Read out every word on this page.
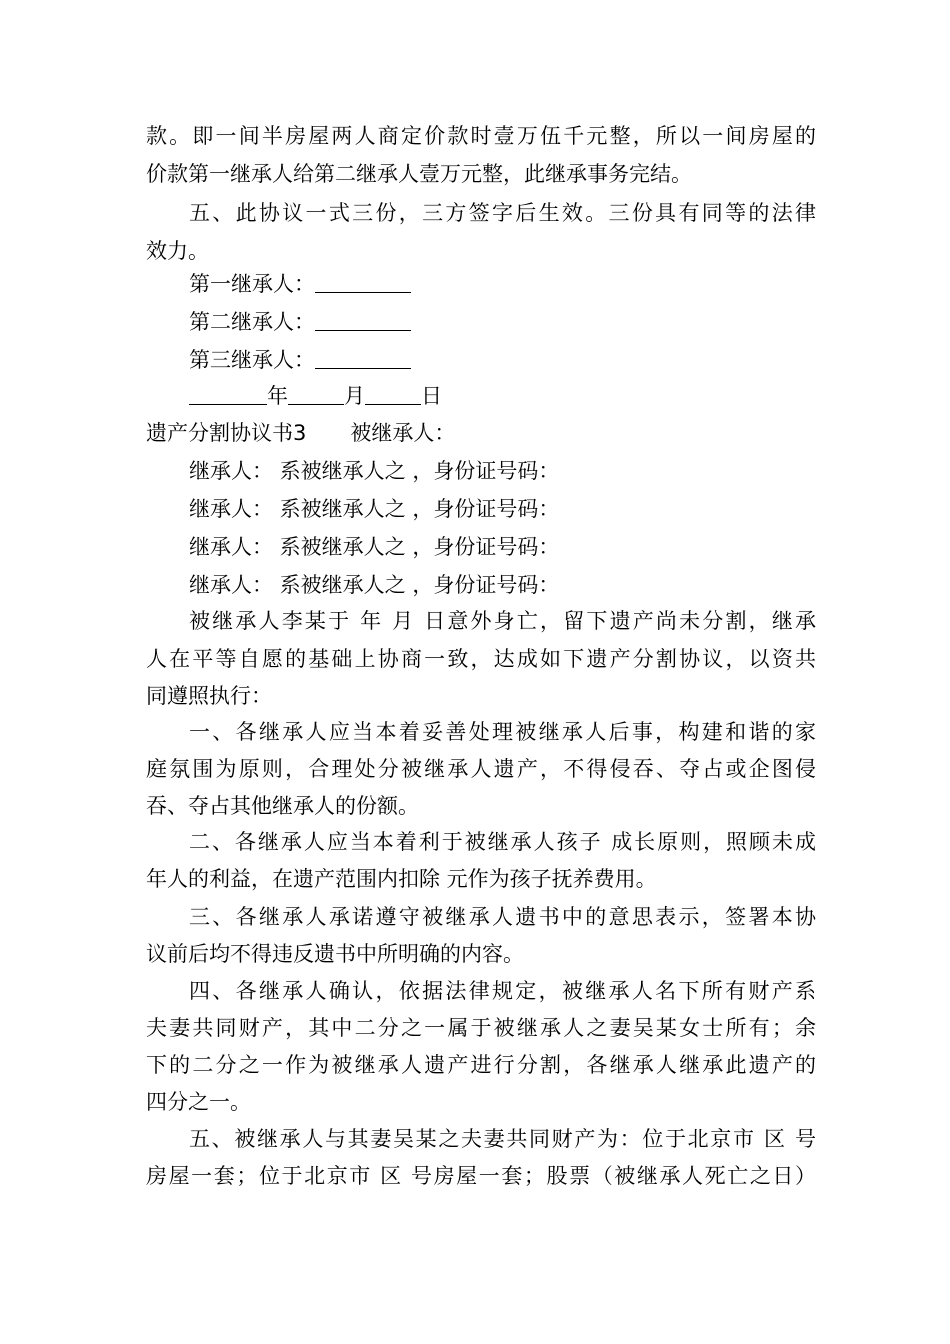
款。即一间半房屋两人商定价款时壹万伍千元整，所以一间房屋的
价款第一继承人给第二继承人壹万元整，此继承事务完结。
五、此协议一式三份，三方签字后生效。三份具有同等的法律
效力。
第一继承人：
第二继承人：
第三继承人：
年	月	日
遗产分割协议书3 被继承人：
继承人： 系被继承人之 ，身份证号码：
继承人： 系被继承人之 ，身份证号码：
继承人： 系被继承人之 ，身份证号码：
继承人： 系被继承人之 ，身份证号码：
被继承人李某于 年 月 日意外身亡，留下遗产尚未分割，继承
人在平等自愿的基础上协商一致，达成如下遗产分割协议，以资共
同遵照执行：
一、各继承人应当本着妥善处理被继承人后事，构建和谐的家
庭氛围为原则，合理处分被继承人遗产，不得侵吞、夺占或企图侵
吞、夺占其他继承人的份额。
二、各继承人应当本着利于被继承人孩子 成长原则，照顾未成
年人的利益，在遗产范围内扣除 元作为孩子抚养费用。
三、各继承人承诺遵守被继承人遗书中的意思表示，签署本协
议前后均不得违反遗书中所明确的内容。
四、各继承人确认，依据法律规定，被继承人名下所有财产系
夫妻共同财产，其中二分之一属于被继承人之妻吴某女士所有；余
下的二分之一作为被继承人遗产进行分割，各继承人继承此遗产的
四分之一。
五、被继承人与其妻吴某之夫妻共同财产为：位于北京市 区 号
房屋一套；位于北京市 区 号房屋一套；股票（被继承人死亡之日）
